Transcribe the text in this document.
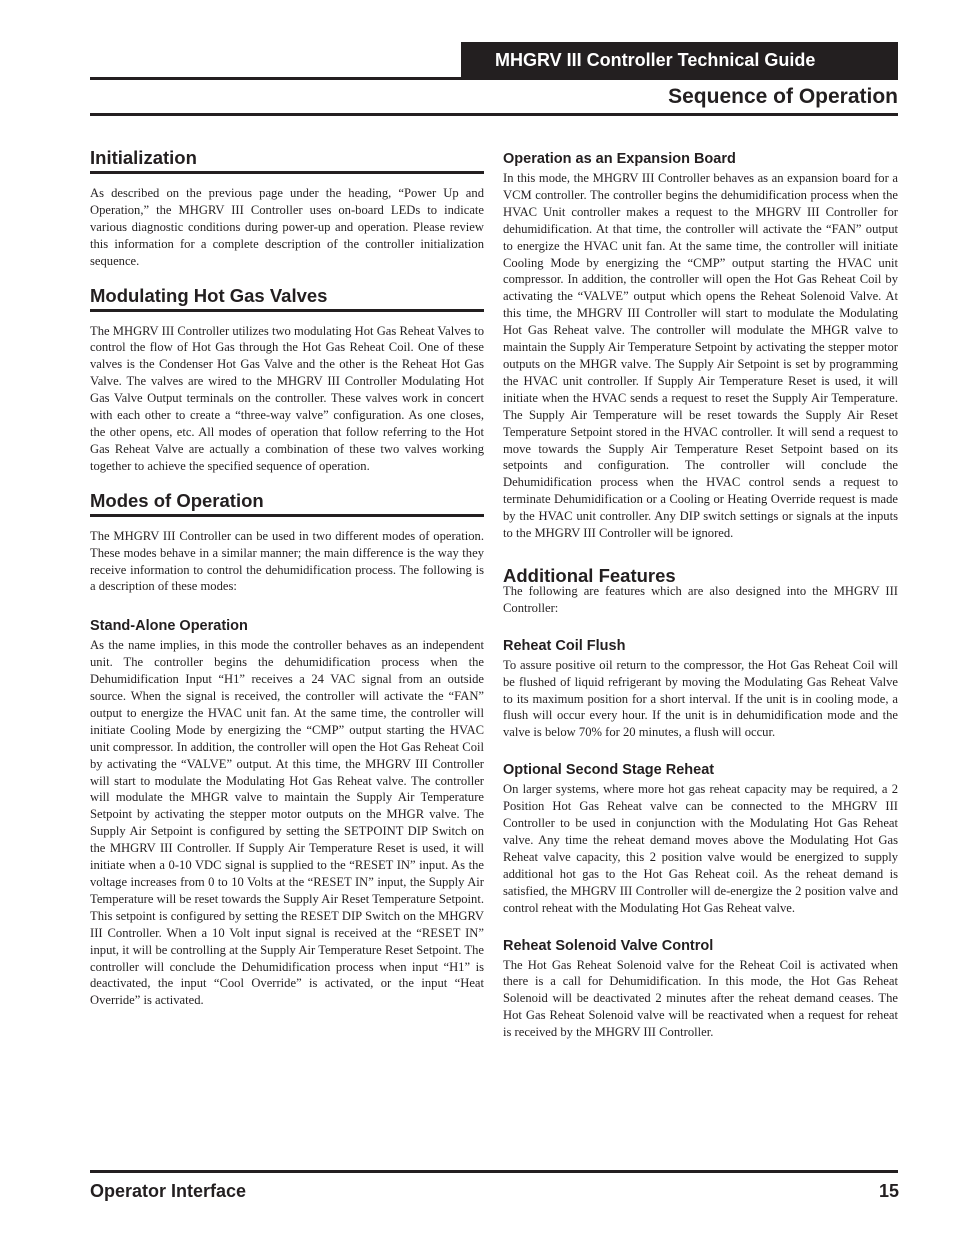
MHGRV III Controller Technical Guide
Sequence of Operation
Initialization

As described on the previous page under the heading, “Power Up and Operation,” the MHGRV III Controller uses on-board LEDs to indicate various diagnostic conditions during power-up and operation. Please review this information for a complete description of the controller initialization sequence.

Modulating Hot Gas Valves

The MHGRV III Controller utilizes two modulating Hot Gas Reheat Valves to control the flow of Hot Gas through the Hot Gas Reheat Coil. One of these valves is the Condenser Hot Gas Valve and the other is the Reheat Hot Gas Valve. The valves are wired to the MHGRV III Controller Modulating Hot Gas Valve Output terminals on the controller. These valves work in concert with each other to create a “three-way valve” configuration. As one closes, the other opens, etc. All modes of operation that follow referring to the Hot Gas Reheat Valve are actually a combination of these two valves working together to achieve the specified sequence of operation.

Modes of Operation

The MHGRV III Controller can be used in two different modes of operation. These modes behave in a similar manner; the main difference is the way they receive information to control the dehumidification process. The following is a description of these modes:

Stand-Alone Operation

As the name implies, in this mode the controller behaves as an independent unit. The controller begins the dehumidification process when the Dehumidification Input “H1” receives a 24 VAC signal from an outside source. When the signal is received, the controller will activate the “FAN” output to energize the HVAC unit fan. At the same time, the controller will initiate Cooling Mode by energizing the “CMP” output starting the HVAC unit compressor. In addition, the controller will open the Hot Gas Reheat Coil by activating the “VALVE” output. At this time, the MHGRV III Controller will start to modulate the Modulating Hot Gas Reheat valve. The controller will modulate the MHGR valve to maintain the Supply Air Temperature Setpoint by activating the stepper motor outputs on the MHGR valve. The Supply Air Setpoint is configured by setting the SETPOINT DIP Switch on the MHGRV III Controller. If Supply Air Temperature Reset is used, it will initiate when a 0-10 VDC signal is supplied to the “RESET IN” input. As the voltage increases from 0 to 10 Volts at the “RESET IN” input, the Supply Air Temperature will be reset towards the Supply Air Reset Temperature Setpoint. This setpoint is configured by setting the RESET DIP Switch on the MHGRV III Controller. When a 10 Volt input signal is received at the “RESET IN” input, it will be controlling at the Supply Air Temperature Reset Setpoint. The controller will conclude the Dehumidification process when input “H1” is deactivated, the input “Cool Override” is activated, or the input “Heat Override” is activated.

Operation as an Expansion Board

In this mode, the MHGRV III Controller behaves as an expansion board for a VCM controller. The controller begins the dehumidification process when the HVAC Unit controller makes a request to the MHGRV III Controller for dehumidification. At that time, the controller will activate the “FAN” output to energize the HVAC unit fan. At the same time, the controller will initiate Cooling Mode by energizing the “CMP” output starting the HVAC unit compressor. In addition, the controller will open the Hot Gas Reheat Coil by activating the “VALVE” output which opens the Reheat Solenoid Valve. At this time, the MHGRV III Controller will start to modulate the Modulating Hot Gas Reheat valve. The controller will modulate the MHGR valve to maintain the Supply Air Temperature Setpoint by activating the stepper motor outputs on the MHGR valve. The Supply Air Setpoint is set by programming the HVAC unit controller. If Supply Air Temperature Reset is used, it will initiate when the HVAC sends a request to reset the Supply Air Temperature. The Supply Air Temperature will be reset towards the Supply Air Reset Temperature Setpoint stored in the HVAC controller. It will send a request to move towards the Supply Air Temperature Reset Setpoint based on its setpoints and configuration. The controller will conclude the Dehumidification process when the HVAC control sends a request to terminate Dehumidification or a Cooling or Heating Override request is made by the HVAC unit controller. Any DIP switch settings or signals at the inputs to the MHGRV III Controller will be ignored.

Additional Features

The following are features which are also designed into the MHGRV III Controller:

Reheat Coil Flush

To assure positive oil return to the compressor, the Hot Gas Reheat Coil will be flushed of liquid refrigerant by moving the Modulating Gas Reheat Valve to its maximum position for a short interval. If the unit is in cooling mode, a flush will occur every hour. If the unit is in dehumidification mode and the valve is below 70% for 20 minutes, a flush will occur.

Optional Second Stage Reheat

On larger systems, where more hot gas reheat capacity may be required, a 2 Position Hot Gas Reheat valve can be connected to the MHGRV III Controller to be used in conjunction with the Modulating Hot Gas Reheat valve. Any time the reheat demand moves above the Modulating Hot Gas Reheat valve capacity, this 2 position valve would be energized to supply additional hot gas to the Hot Gas Reheat coil. As the reheat demand is satisfied, the MHGRV III Controller will de-energize the 2 position valve and control reheat with the Modulating Hot Gas Reheat valve.

Reheat Solenoid Valve Control

The Hot Gas Reheat Solenoid valve for the Reheat Coil is activated when there is a call for Dehumidification. In this mode, the Hot Gas Reheat Solenoid will be deactivated 2 minutes after the reheat demand ceases. The Hot Gas Reheat Solenoid valve will be reactivated when a request for reheat is received by the MHGRV III Controller.

Operator Interface	15
